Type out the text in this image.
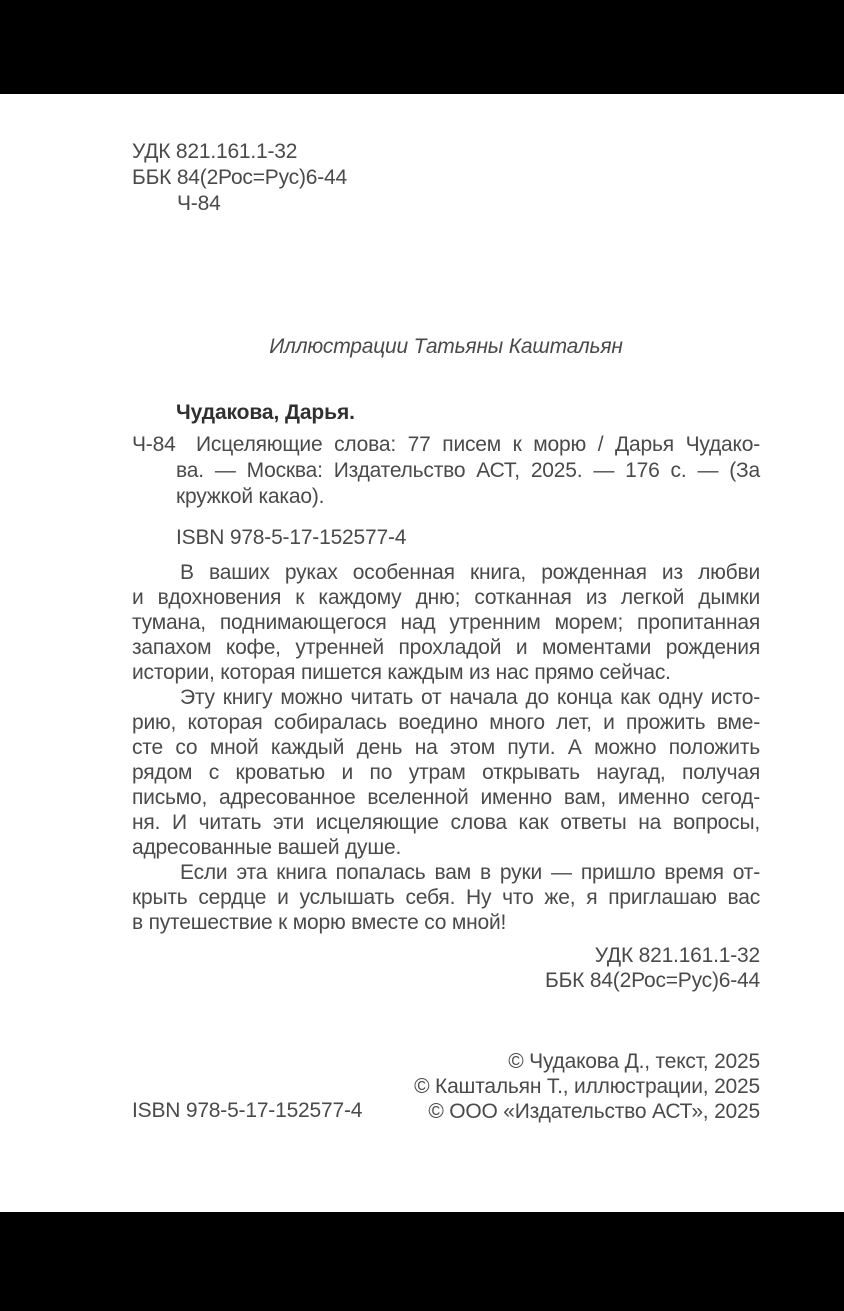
УДК 821.161.1-32
ББК 84(2Рос=Рус)6-44
Ч-84
Иллюстрации Татьяны Каштальян
Чудакова, Дарья.
Ч-84 Исцеляющие слова: 77 писем к морю / Дарья Чудако-
ва. — Москва: Издательство АСТ, 2025. — 176 с. — (За
кружкой какао).
ISBN 978-5-17-152577-4
В ваших руках особенная книга, рожденная из любви
и вдохновения к каждому дню; сотканная из легкой дымки
тумана, поднимающегося над утренним морем; пропитанная
запахом кофе, утренней прохладой и моментами рождения
истории, которая пишется каждым из нас прямо сейчас.
Эту книгу можно читать от начала до конца как одну исто-
рию, которая собиралась воедино много лет, и прожить вме-
сте со мной каждый день на этом пути. А можно положить
рядом с кроватью и по утрам открывать наугад, получая
письмо, адресованное вселенной именно вам, именно сегод-
ня. И читать эти исцеляющие слова как ответы на вопросы,
адресованные вашей душе.
Если эта книга попалась вам в руки — пришло время от-
крыть сердце и услышать себя. Ну что же, я приглашаю вас
в путешествие к морю вместе со мной!
УДК 821.161.1-32
ББК 84(2Рос=Рус)6-44
© Чудакова Д., текст, 2025
© Каштальян Т., иллюстрации, 2025
© ООО «Издательство АСТ», 2025
ISBN 978-5-17-152577-4
